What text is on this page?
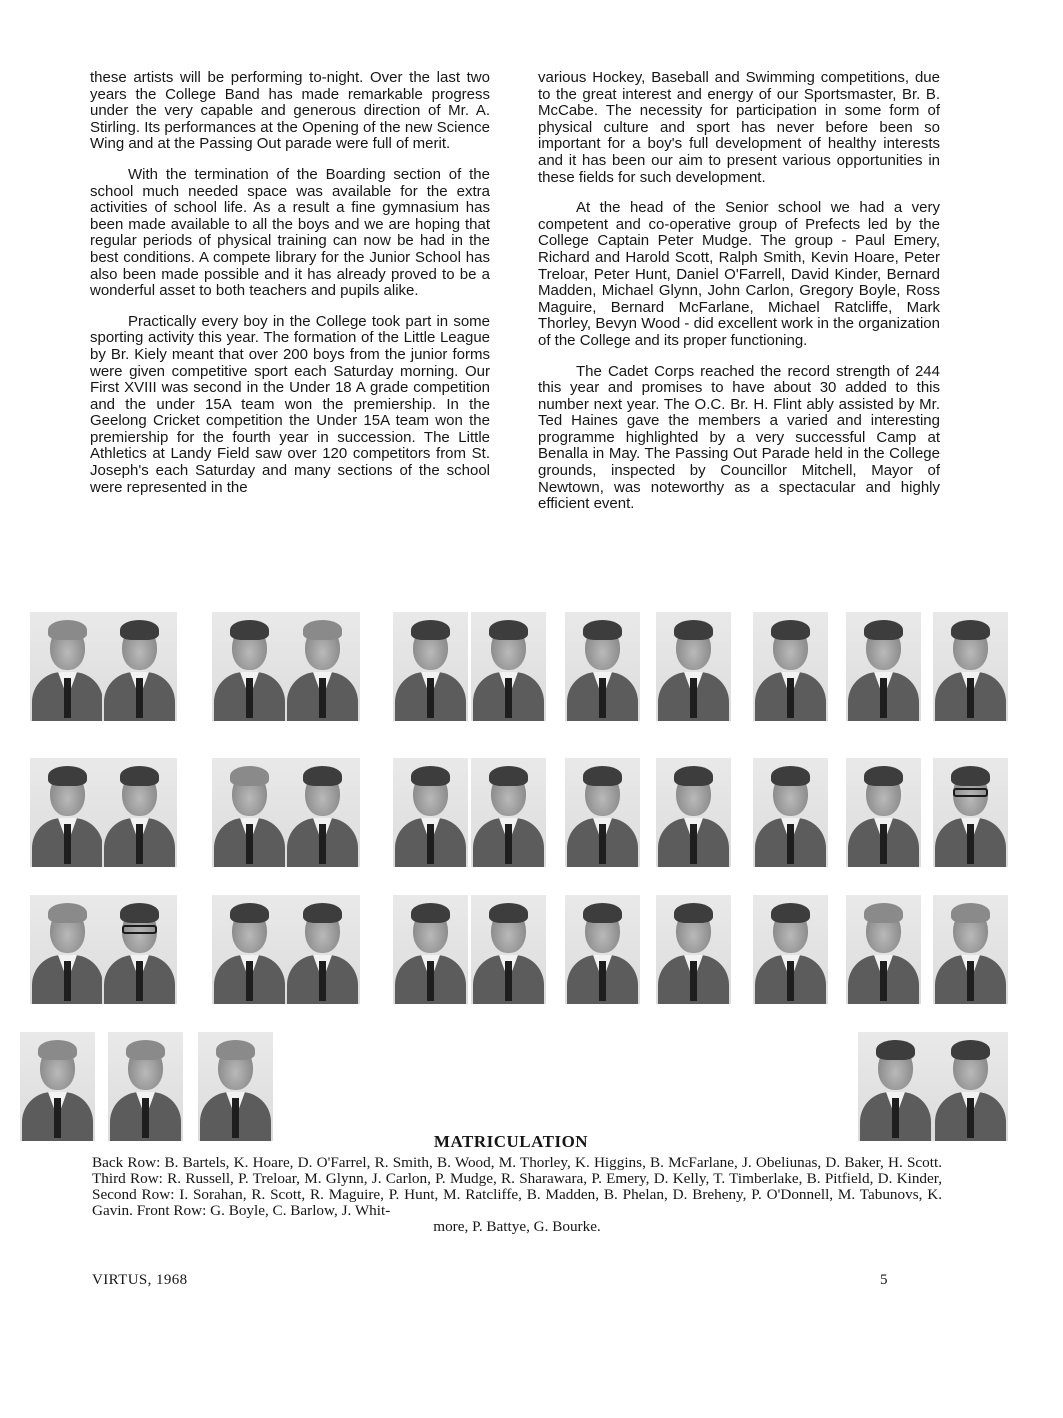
these artists will be performing to-night. Over the last two years the College Band has made remarkable progress under the very capable and generous direction of Mr. A. Stirling. Its performances at the Opening of the new Science Wing and at the Passing Out parade were full of merit.

With the termination of the Boarding section of the school much needed space was available for the extra activities of school life. As a result a fine gymnasium has been made available to all the boys and we are hoping that regular periods of physical training can now be had in the best conditions. A compete library for the Junior School has also been made possible and it has already proved to be a wonderful asset to both teachers and pupils alike.

Practically every boy in the College took part in some sporting activity this year. The formation of the Little League by Br. Kiely meant that over 200 boys from the junior forms were given competitive sport each Saturday morning. Our First XVIII was second in the Under 18 A grade competition and the under 15A team won the premiership. In the Geelong Cricket competition the Under 15A team won the premiership for the fourth year in succession. The Little Athletics at Landy Field saw over 120 competitors from St. Joseph's each Saturday and many sections of the school were represented in the

various Hockey, Baseball and Swimming competitions, due to the great interest and energy of our Sportsmaster, Br. B. McCabe. The necessity for participation in some form of physical culture and sport has never before been so important for a boy's full development of healthy interests and it has been our aim to present various opportunities in these fields for such development.

At the head of the Senior school we had a very competent and co-operative group of Prefects led by the College Captain Peter Mudge. The group - Paul Emery, Richard and Harold Scott, Ralph Smith, Kevin Hoare, Peter Treloar, Peter Hunt, Daniel O'Farrell, David Kinder, Bernard Madden, Michael Glynn, John Carlon, Gregory Boyle, Ross Maguire, Bernard McFarlane, Michael Ratcliffe, Mark Thorley, Bevyn Wood - did excellent work in the organization of the College and its proper functioning.

The Cadet Corps reached the record strength of 244 this year and promises to have about 30 added to this number next year. The O.C. Br. H. Flint ably assisted by Mr. Ted Haines gave the members a varied and interesting programme highlighted by a very successful Camp at Benalla in May. The Passing Out Parade held in the College grounds, inspected by Councillor Mitchell, Mayor of Newtown, was noteworthy as a spectacular and highly efficient event.

MATRICULATION
Back Row: B. Bartels, K. Hoare, D. O'Farrel, R. Smith, B. Wood, M. Thorley, K. Higgins, B. McFarlane, J. Obeliunas, D. Baker, H. Scott. Third Row: R. Russell, P. Treloar, M. Glynn, J. Carlon, P. Mudge, R. Sharawara, P. Emery, D. Kelly, T. Timberlake, B. Pitfield, D. Kinder, Second Row: I. Sorahan, R. Scott, R. Maguire, P. Hunt, M. Ratcliffe, B. Madden, B. Phelan, D. Breheny, P. O'Donnell, M. Tabunovs, K. Gavin. Front Row: G. Boyle, C. Barlow, J. Whit-
more, P. Battye, G. Bourke.
VIRTUS, 1968	5
